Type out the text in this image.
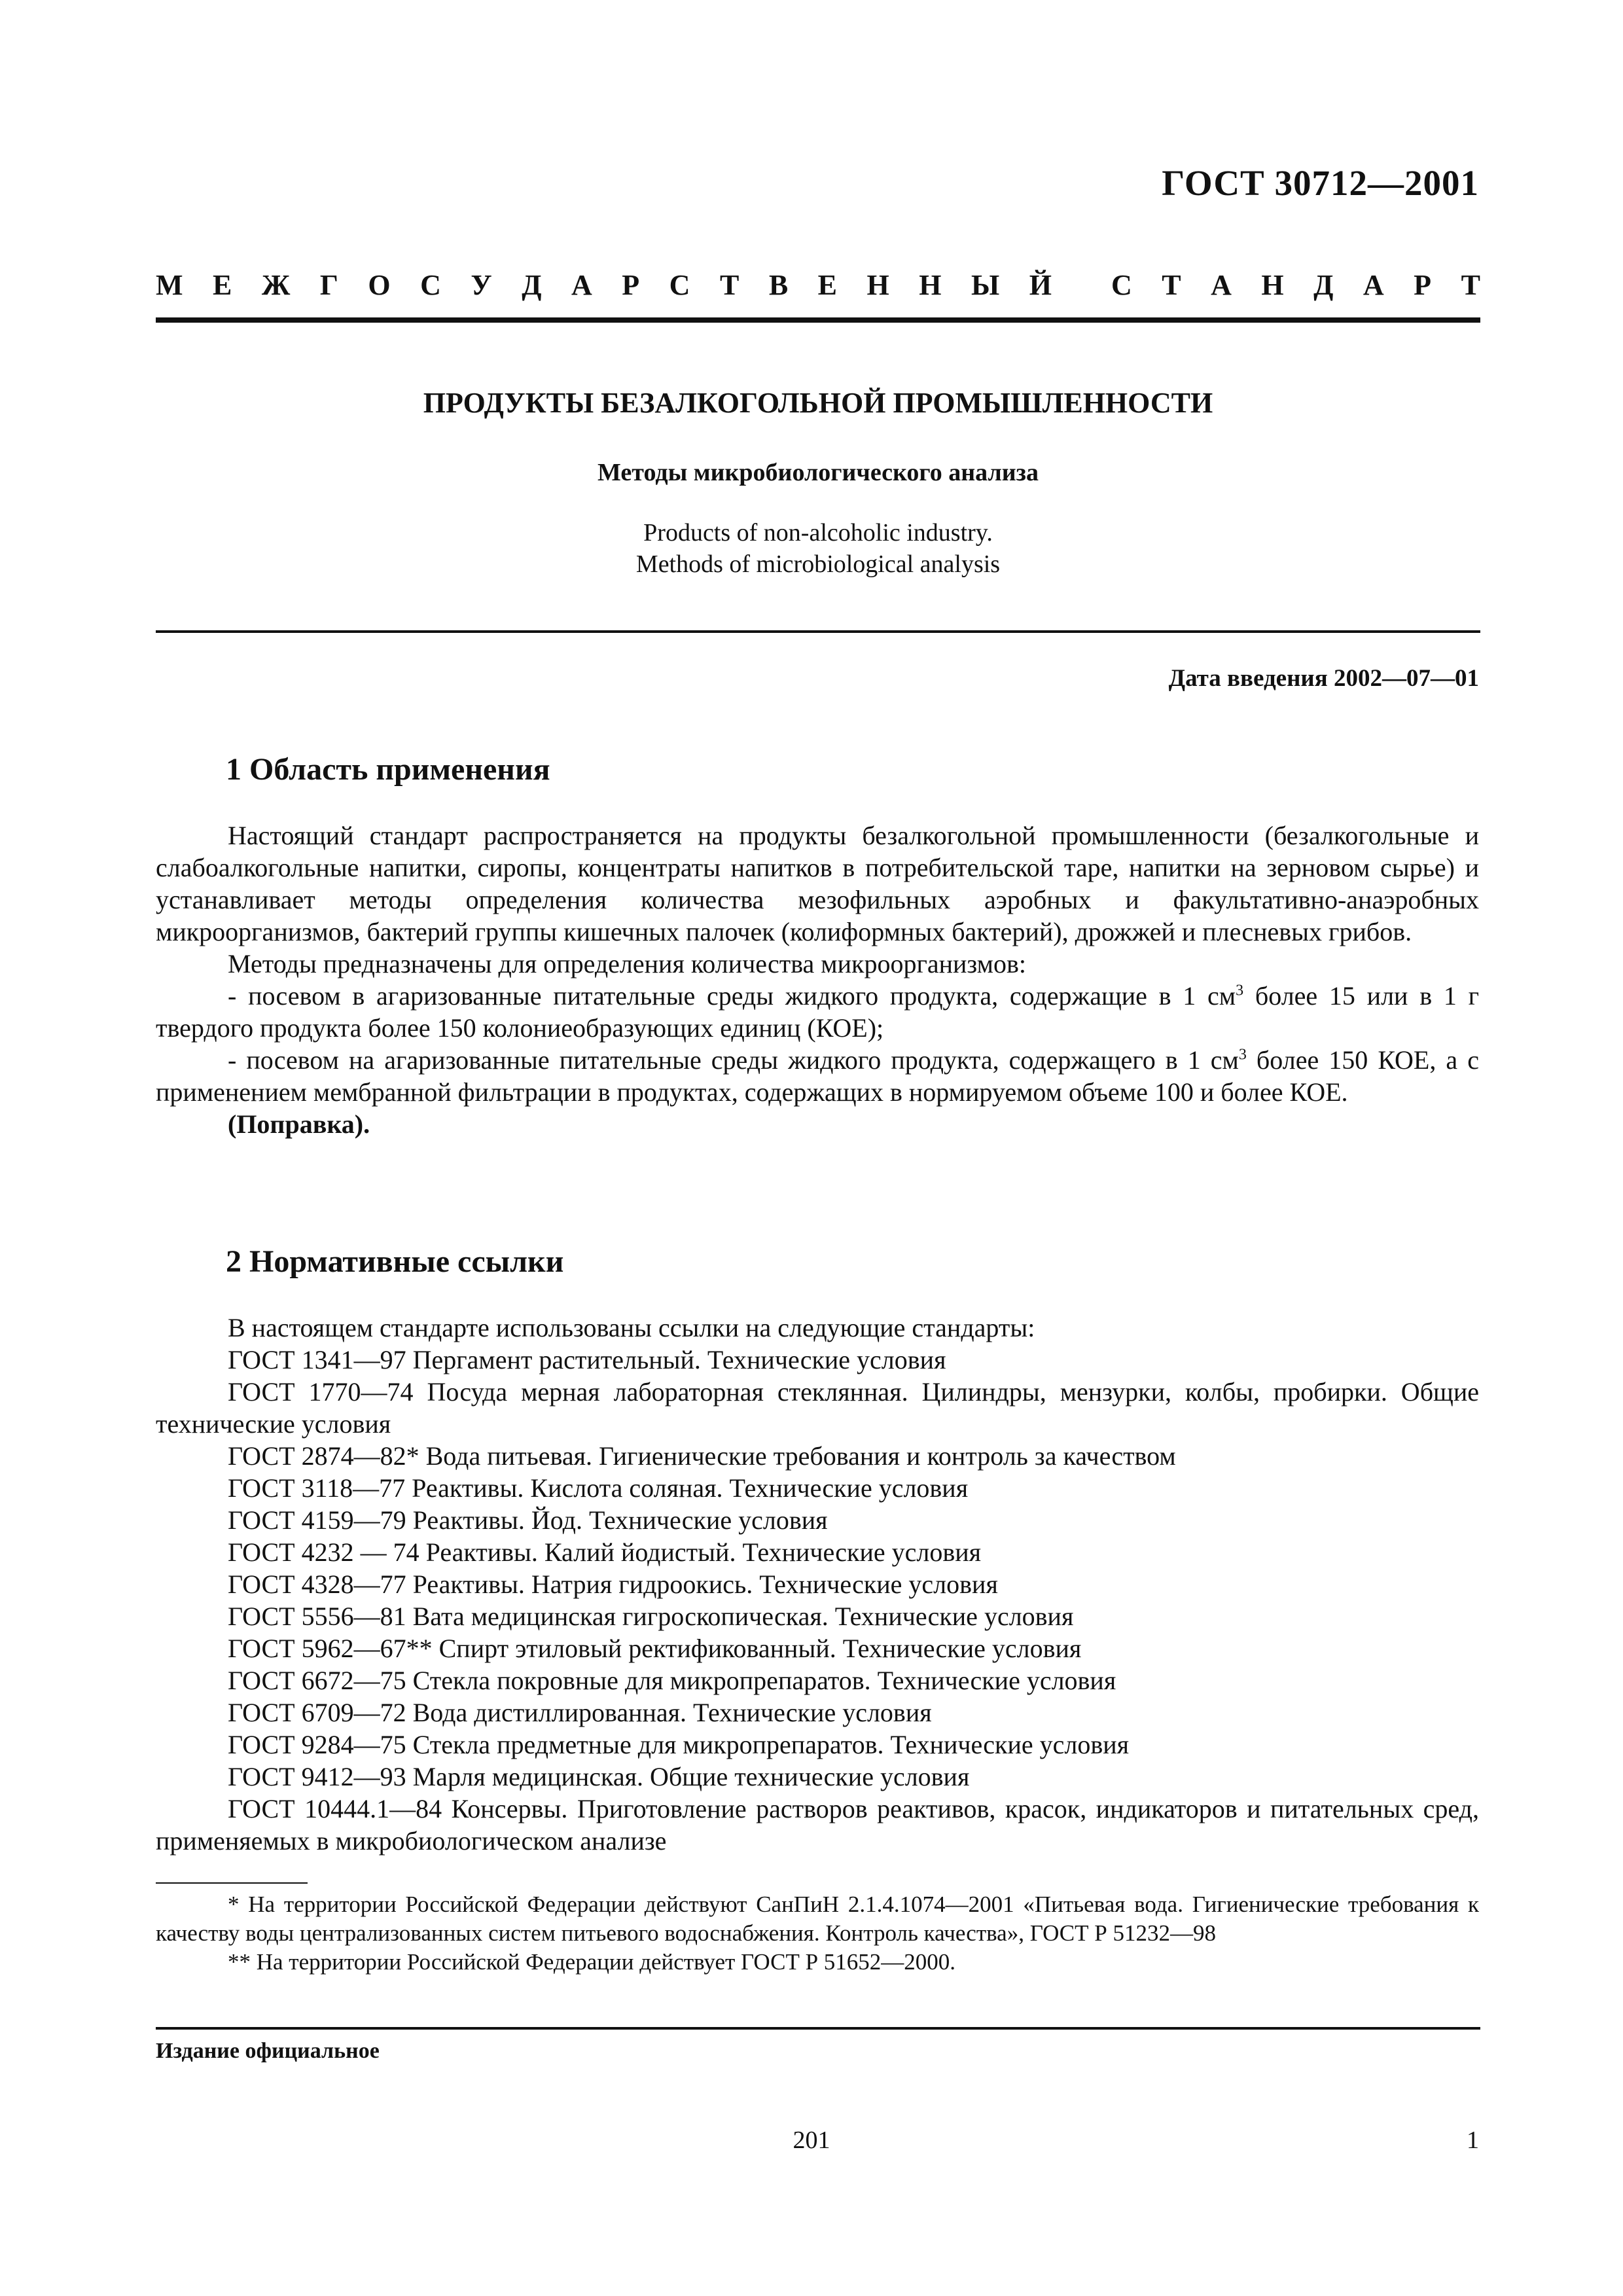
ГОСТ 30712—2001
М Е Ж Г О С У Д А Р С Т В Е Н Н Ы Й С Т А Н Д А Р Т
ПРОДУКТЫ БЕЗАЛКОГОЛЬНОЙ ПРОМЫШЛЕННОСТИ
Методы микробиологического анализа
Products of non-alcoholic industry.
Methods of microbiological analysis
Дата введения 2002—07—01
1 Область применения

Настоящий стандарт распространяется на продукты безалкогольной промышленности (безалкогольные и слабоалкогольные напитки, сиропы, концентраты напитков в потребительской таре, напитки на зерновом сырье) и устанавливает методы определения количества мезофильных аэробных и факультативно-анаэробных микроорганизмов, бактерий группы кишечных палочек (колиформных бактерий), дрожжей и плесневых грибов.

Методы предназначены для определения количества микроорганизмов:

- посевом в агаризованные питательные среды жидкого продукта, содержащие в 1 $см^3$ более 15 или в 1 г твердого продукта более 150 колониеобразующих единиц (КОЕ);

- посевом на агаризованные питательные среды жидкого продукта, содержащего в 1 $см^3$ более 150 КОЕ, а с применением мембранной фильтрации в продуктах, содержащих в нормируемом объеме 100 и более КОЕ.

(Поправка).

2 Нормативные ссылки

В настоящем стандарте использованы ссылки на следующие стандарты:

ГОСТ 1341—97 Пергамент растительный. Технические условия

ГОСТ 1770—74 Посуда мерная лабораторная стеклянная. Цилиндры, мензурки, колбы, пробирки. Общие технические условия

ГОСТ 2874—82* Вода питьевая. Гигиенические требования и контроль за качеством

ГОСТ 3118—77 Реактивы. Кислота соляная. Технические условия

ГОСТ 4159—79 Реактивы. Йод. Технические условия

ГОСТ 4232 — 74 Реактивы. Калий йодистый. Технические условия

ГОСТ 4328—77 Реактивы. Натрия гидроокись. Технические условия

ГОСТ 5556—81 Вата медицинская гигроскопическая. Технические условия

ГОСТ 5962—67** Спирт этиловый ректификованный. Технические условия

ГОСТ 6672—75 Стекла покровные для микропрепаратов. Технические условия

ГОСТ 6709—72 Вода дистиллированная. Технические условия

ГОСТ 9284—75 Стекла предметные для микропрепаратов. Технические условия

ГОСТ 9412—93 Марля медицинская. Общие технические условия

ГОСТ 10444.1—84 Консервы. Приготовление растворов реактивов, красок, индикаторов и питательных сред, применяемых в микробиологическом анализе

* На территории Российской Федерации действуют СанПиН 2.1.4.1074—2001 «Питьевая вода. Гигиенические требования к качеству воды централизованных систем питьевого водоснабжения. Контроль качества», ГОСТ Р 51232—98

** На территории Российской Федерации действует ГОСТ Р 51652—2000.

Издание официальное
201	1
